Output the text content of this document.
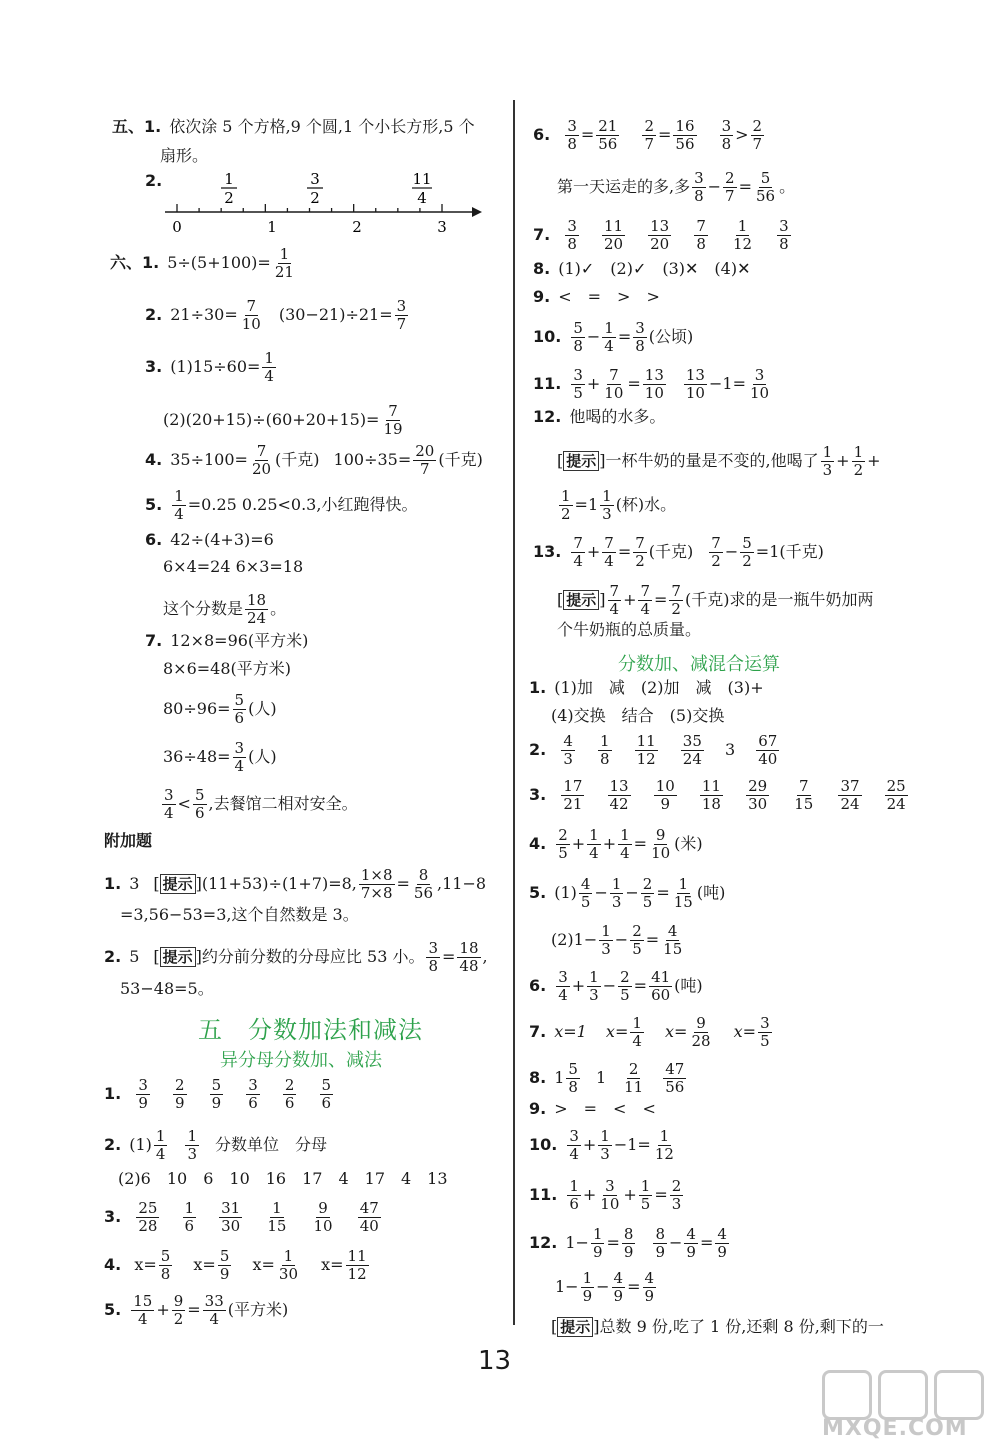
五、1. 依次涂 5 个方格,9 个圆,1 个小长方形,5 个
扇形。
2.	1
2
3
2
11
4
0	1	2	3
六、1. $5\div(5+100)= \frac{1}{21}$
2. $21\div 30= \frac{7}{10} (30-21)\div 21= \frac{3}{7}$
3. $(1)15\div 60= \frac{1}{4}$
$(2)(20+15)\div(60+20+15)= \frac{7}{19}$
4. $35\div 100= \frac{7}{20}$ (千克) $100\div 35= \frac{20}{7}$ (千克)
5. $\frac{1}{4} =0.25$ 0.25<0.3,小红跑得快。
6. 42÷(4+3)=6
6×4=24 6×3=18
这个分数是 $\frac{18}{24}$ 。
7. 12×8=96(平方米)
8×6=48(平方米)
$80\div 96= \frac{5}{6}$ (人)
$36\div 48= \frac{3}{4}$ (人)
$\frac{3}{4} < \frac{5}{6}$ ,去餐馆二相对安全。
附加题
1. 3 [ 提示 ](11+53)÷(1+7)=8, $\frac{1\times 8}{7\times 8} = \frac{8}{56} ,11-8$
=3,56−53=3,这个自然数是 3。
2. 5 [ 提示 ]约分前分数的分母应比 53 小。 $\frac{3}{8} = \frac{18}{48}$ ,
53−48=5。
五　分数加法和减法
异分母分数加、减法
1. $\frac{3}{9}$
$\frac{2}{9}$
$\frac{5}{9}$
$\frac{3}{6}$
$\frac{2}{6}$
$\frac{5}{6}$
2. $(1) \frac{1}{4} \frac{1}{3}$ 分数单位　分母
(2)6　10　6　10　16　17　4　17　4　13
3. $\frac{25}{28}$
$\frac{1}{6}$
$\frac{31}{30}$
$\frac{1}{15}$
$\frac{9}{10}$
$\frac{47}{40}$
4. $x= \frac{5}{8} x= \frac{5}{9} x= \frac{1}{30} x= \frac{11}{12}$
5. $\frac{15}{4} + \frac{9}{2} = \frac{33}{4}$ (平方米)
6. $\frac{3}{8} = \frac{21}{56}$
$\frac{2}{7} = \frac{16}{56}$
$\frac{3}{8} > \frac{2}{7}$
第一天运走的多,多 $\frac{3}{8} - \frac{2}{7} = \frac{5}{56}$ 。
7. $\frac{3}{8}$
$\frac{11}{20}$
$\frac{13}{20}$
$\frac{7}{8}$
$\frac{1}{12}$
$\frac{3}{8}$
8. (1)✓　(2)✓　(3)✕　(4)✕
9. <　=　>　>
10. $\frac{5}{8} - \frac{1}{4} = \frac{3}{8}$ (公顷)
11. $\frac{3}{5} + \frac{7}{10} = \frac{13}{10} \frac{13}{10} -1= \frac{3}{10}$
12. 他喝的水多。
[ 提示 ]一杯牛奶的量是不变的,他喝了 $\frac{1}{3} + \frac{1}{2}$ +
$\frac{1}{2} =1 \frac{1}{3}$ (杯)水。
13. $\frac{7}{4} + \frac{7}{4} = \frac{7}{2}$ (千克) $\frac{7}{2} - \frac{5}{2} =1$(千克)
[ 提示 ] $\frac{7}{4} + \frac{7}{4} = \frac{7}{2}$ (千克)求的是一瓶牛奶加两
个牛奶瓶的总质量。
分数加、减混合运算
1. (1)加　减　(2)加　减　(3)+
(4)交换　结合　(5)交换
2. $\frac{4}{3}$
$\frac{1}{8}$
$\frac{11}{12}$
$\frac{35}{24} 3 \frac{67}{40}$
3. $\frac{17}{21}$
$\frac{13}{42}$
$\frac{10}{9}$
$\frac{11}{18}$
$\frac{29}{30}$
$\frac{7}{15}$
$\frac{37}{24}$
$\frac{25}{24}$
4. $\frac{2}{5} + \frac{1}{4} + \frac{1}{4} = \frac{9}{10}$ (米)
5. $(1) \frac{4}{5} - \frac{1}{3} - \frac{2}{5} = \frac{1}{15}$ (吨)
$(2)1- \frac{1}{3} - \frac{2}{5} = \frac{4}{15}$
6. $\frac{3}{4} + \frac{1}{3} - \frac{2}{5} = \frac{41}{60}$ (吨)
7. x=1 $x= \frac{1}{4} x= \frac{9}{28} x= \frac{3}{5}$
8. $1 \frac{5}{8} 1 \frac{2}{11} \frac{47}{56}$
9. >　=　<　<
10. $\frac{3}{4} + \frac{1}{3} -1= \frac{1}{12}$
11. $\frac{1}{6} + \frac{3}{10} + \frac{1}{5} = \frac{2}{3}$
12. $1- \frac{1}{9} = \frac{8}{9} \frac{8}{9} - \frac{4}{9} = \frac{4}{9}$
$1- \frac{1}{9} - \frac{4}{9} = \frac{4}{9}$
[ 提示 ]总数 9 份,吃了 1 份,还剩 8 份,剩下的一
13
MXQE.COM
